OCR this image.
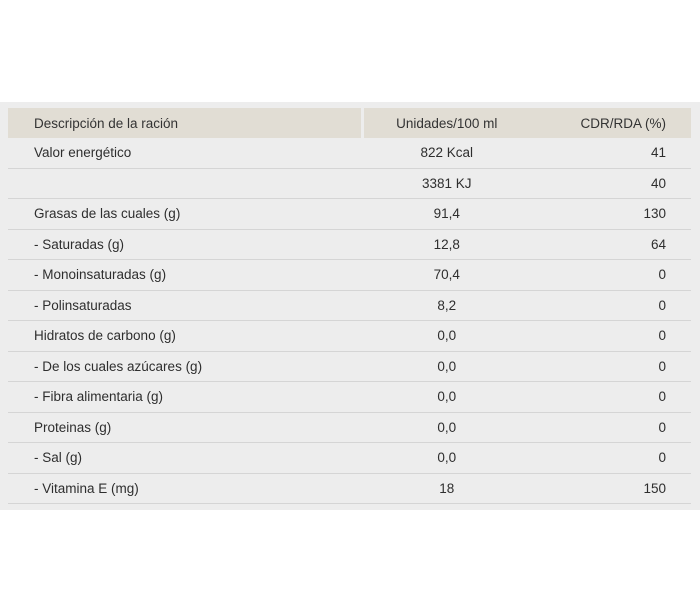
Descripción de la ración	Unidades/100 ml	CDR/RDA (%)
Valor energético	822 Kcal	41
	3381 KJ	40
Grasas de las cuales (g)	91,4	130
- Saturadas (g)	12,8	64
- Monoinsaturadas (g)	70,4	0
- Polinsaturadas	8,2	0
Hidratos de carbono (g)	0,0	0
- De los cuales azúcares (g)	0,0	0
- Fibra alimentaria (g)	0,0	0
Proteinas (g)	0,0	0
- Sal (g)	0,0	0
- Vitamina E (mg)	18	150
